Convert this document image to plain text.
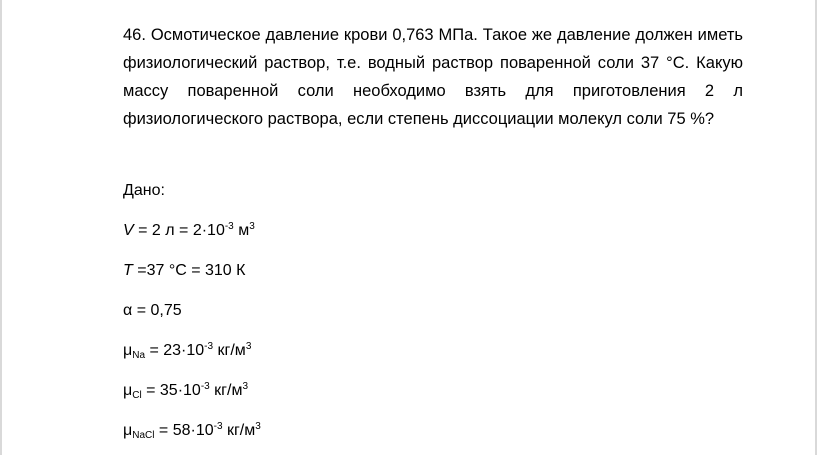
46. Осмотическое давление крови 0,763 МПа. Такое же давление должен иметь физиологический раствор, т.е. водный раствор поваренной соли 37 °С. Какую массу поваренной соли необходимо взять для приготовления 2 л физиологического раствора, если степень диссоциации молекул соли 75 %?

Дано:
V = 2 $л = 2\cdot 10^{-3}$ $м^3$
T =37 °С = 310 К
α = 0,75
$\mu_{Na} = 23\cdot 10^{-3}$ $кг/м^3$
$\mu_{Cl} = 35\cdot 10^{-3}$ $кг/м^3$
$\mu_{NaCl} = 58\cdot 10^{-3}$ $кг/м^3$
